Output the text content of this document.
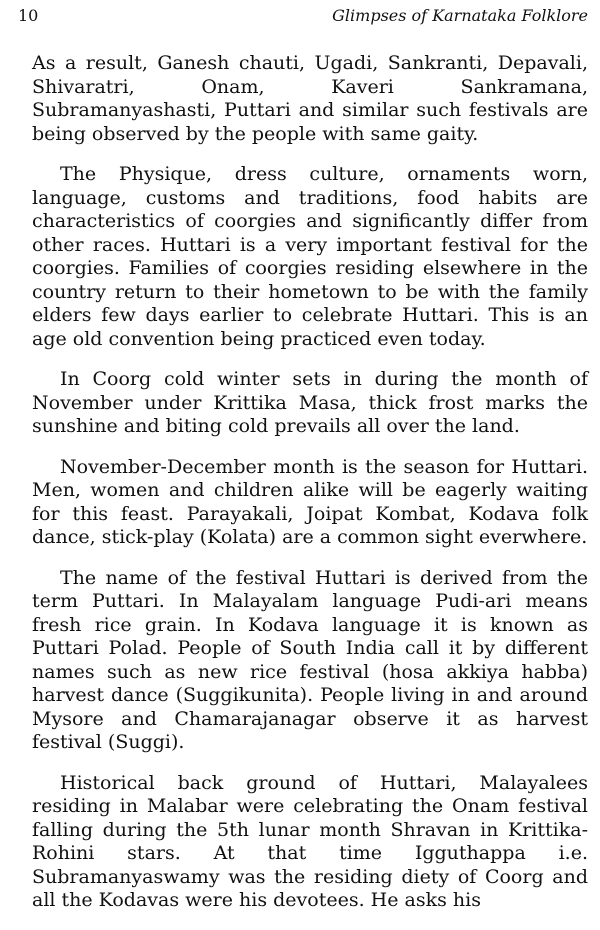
10	Glimpses of Karnataka Folklore

As a result, Ganesh chauti, Ugadi, Sankranti, Depavali, Shivaratri, Onam, Kaveri Sankramana, Subramanyashasti, Puttari and similar such festivals are being observed by the people with same gaity.

The Physique, dress culture, ornaments worn, language, customs and traditions, food habits are characteristics of coorgies and significantly differ from other races. Huttari is a very important festival for the coorgies. Families of coorgies residing elsewhere in the country return to their hometown to be with the family elders few days earlier to celebrate Huttari. This is an age old convention being practiced even today.

In Coorg cold winter sets in during the month of November under Krittika Masa, thick frost marks the sunshine and biting cold prevails all over the land.

November-December month is the season for Huttari. Men, women and children alike will be eagerly waiting for this feast. Parayakali, Joipat Kombat, Kodava folk dance, stick-play (Kolata) are a common sight everwhere.

The name of the festival Huttari is derived from the term Puttari. In Malayalam language Pudi-ari means fresh rice grain. In Kodava language it is known as Puttari Polad. People of South India call it by different names such as new rice festival (hosa akkiya habba) harvest dance (Suggikunita). People living in and around Mysore and Chamarajanagar observe it as harvest festival (Suggi).

Historical back ground of Huttari, Malayalees residing in Malabar were celebrating the Onam festival falling during the 5th lunar month Shravan in Krittika-Rohini stars. At that time Igguthappa i.e. Subramanyaswamy was the residing diety of Coorg and all the Kodavas were his devotees. He asks his
